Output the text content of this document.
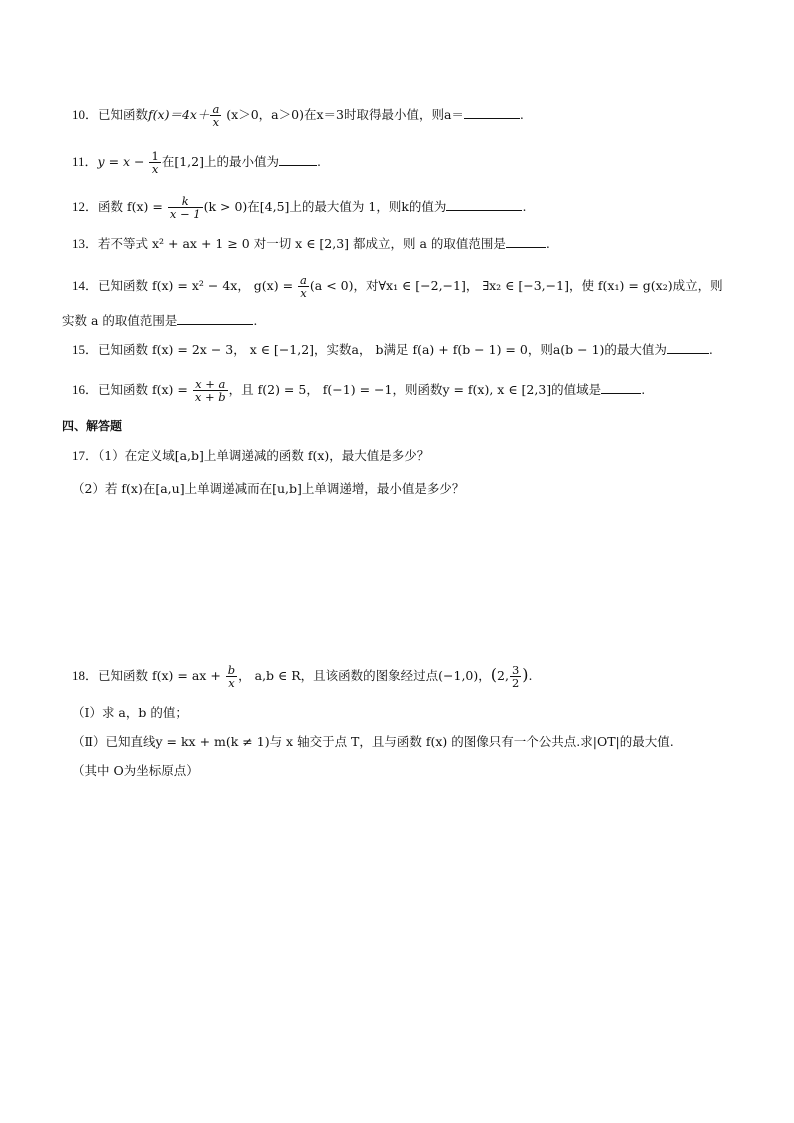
10．已知函数$f(x)=4x+ \frac{a}{x} (x>0$，a＞0)在x＝3时取得最小值，则a＝	.
11．$y = x - \frac{1}{x}$ 在[1,2]上的最小值为	.
12．函数 $f(x) = \frac{k}{x - 1} (k > 0)$在[4,5]上的最大值为 1，则k的值为	.
13．若不等式 x² + ax + 1 ≥ 0 对一切 x ∈ [2,3] 都成立，则 a 的取值范围是	.
14．已知函数 f(x) = x² − 4x， $g(x) = \frac{a}{x} (a < 0)$，对∀x₁ ∈ [−2,−1]， ∃x₂ ∈ [−3,−1]，使 f(x₁) = g(x₂)成立，则
实数 a 的取值范围是	.
15．已知函数 f(x) = 2x − 3， x ∈ [−1,2]，实数a， b满足 f(a) + f(b − 1) = 0，则a(b − 1)的最大值为	.
16．已知函数 $f(x) = \frac{x + a}{x + b}$ ，且 f(2) = 5， f(−1) = −1，则函数y = f(x), x ∈ [2,3]的值域是	.
四、解答题
17．（1）在定义域[a,b]上单调递减的函数 f(x)，最大值是多少？
（2）若 f(x)在[a,u]上单调递减而在[u,b]上单调递增，最小值是多少？
18．已知函数 f(x) = ax + $\frac{b}{x}$ ， a,b ∈ R，且该函数的图象经过点(−1,0)，(2, $\frac{3}{2}$ ).
（Ⅰ）求 a，b 的值；
（Ⅱ）已知直线y = kx + m(k ≠ 1)与 x 轴交于点 T，且与函数 f(x) 的图像只有一个公共点.求|OT|的最大值.
（其中 O为坐标原点）
